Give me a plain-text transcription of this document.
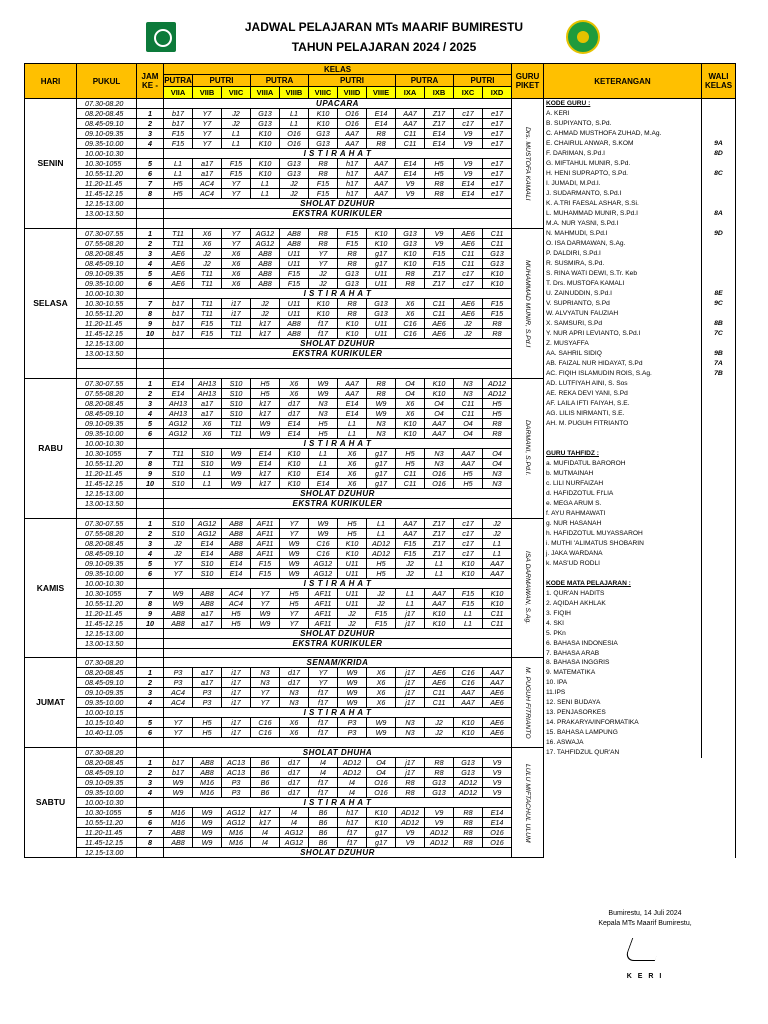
JADWAL PELAJARAN MTs MAARIF BUMIRESTU
TAHUN PELAJARAN 2024 / 2025
HARI	PUKUL	JAM KE -	KELAS												GURU PIKET	KETERANGAN	WALI KELAS
			PUTRA	PUTRI		PUTRA		PUTRI			PUTRA		PUTRI				
			VIIA	VIIB	VIIC	VIIIA	VIIIB	VIIIC	VIIID	VIIIE	IXA	IXB	IXC	IXD			
SENIN	07.30-08.20		UPACARA												Drs. MUSTOFA KAMALI	KODE GURU :	
	08.20-08.45	1	b17	Y7	J2	G13	L1	K10	O16	E14	AA7	Z17	c17	e17		A. KERI	
	08.45-09.10	2	b17	Y7	J2	G13	L1	K10	O16	E14	AA7	Z17	c17	e17		B. SUPIYANTO, S.Pd.	
	09.10-09.35	3	F15	Y7	L1	K10	O16	G13	AA7	R8	C11	E14	V9	e17		C. AHMAD MUSTHOFA ZUHAD, M.Ag.	
	09.35-10.00	4	F15	Y7	L1	K10	O16	G13	AA7	R8	C11	E14	V9	e17		E. CHAIRUL ANWAR, S.KOM	9A
	10.00-10.30		I S T I R A H A T													F. DARIMAN, S.Pd.I	8D
	10.30-1055	5	L1	a17	F15	K10	G13	R8	h17	AA7	E14	H5	V9	e17		G. MIFTAHUL MUNIR, S.Pd.	
	10.55-11.20	6	L1	a17	F15	K10	G13	R8	h17	AA7	E14	H5	V9	e17		H. HENI SUPRAPTO, S.Pd.	8C
	11.20-11.45	7	H5	AC4	Y7	L1	J2	F15	h17	AA7	V9	R8	E14	e17		I. JUMADI, M.Pd.I.	
	11.45-12.15	8	H5	AC4	Y7	L1	J2	F15	h17	AA7	V9	R8	E14	e17		J. SUDARMANTO, S.Pd.I	
	12.15-13.00		SHOLAT DZUHUR													K. A.TRI FAESAL ASHAR, S.Si.	
	13.00-13.50		EKSTRA KURIKULER													L. MUHAMMAD MUNIR, S.Pd.I	8A
																M.A. NUR YASNI, S.Pd.I	
SELASA	07.30-07.55	1	T11	X6	Y7	AG12	AB8	R8	F15	K10	G13	V9	AE6	C11	MUHAMMAD MUNIR, S.Pd.I	N. MAHMUDI, S.Pd.I	9D
	07.55-08.20	2	T11	X6	Y7	AG12	AB8	R8	F15	K10	G13	V9	AE6	C11		O. ISA DARMAWAN, S.Ag.	
	08.20-08.45	3	AE6	J2	X6	AB8	U11	Y7	R8	g17	K10	F15	C11	G13		P. DALDIRI, S.Pd.I	
	08.45-09.10	4	AE6	J2	X6	AB8	U11	Y7	R8	g17	K10	F15	C11	G13		R. SUSMIRA, S.Pd.	
	09.10-09.35	5	AE6	T11	X6	AB8	F15	J2	G13	U11	R8	Z17	c17	K10		S. RINA WATI DEWI, S.Tr. Keb	
	09.35-10.00	6	AE6	T11	X6	AB8	F15	J2	G13	U11	R8	Z17	c17	K10		T. Drs. MUSTOFA KAMALI	
	10.00-10.30		I S T I R A H A T													U. ZAINUDDIN, S.Pd.I	8E
	10.30-10.55	7	b17	T11	i17	J2	U11	K10	R8	G13	X6	C11	AE6	F15		V. SUPRIANTO, S.Pd	9C
	10.55-11.20	8	b17	T11	i17	J2	U11	K10	R8	G13	X6	C11	AE6	F15		W. ALVYATUN FAUZIAH	
	11.20-11.45	9	b17	F15	T11	k17	AB8	f17	K10	U11	C16	AE6	J2	R8		X. SAMSURI, S.Pd	8B
	11.45-12.15	10	b17	F15	T11	k17	AB8	f17	K10	U11	C16	AE6	J2	R8		Y. NUR APRI LEVIANTO, S.Pd.I	7C
	12.15-13.00		SHOLAT DZUHUR													Z. MUSYAFFA	
	13.00-13.50		EKSTRA KURIKULER													AA. SAHRIL SIDIQ	9B
																AB. FAIZAL NUR HIDAYAT, S.Pd	7A
																AC. FIQIH ISLAMUDIN ROIS, S.Ag.	7B
RABU	07.30-07.55	1	E14	AH13	S10	H5	X6	W9	AA7	R8	O4	K10	N3	AD12	DARMANI, S.Pd.I.	AD. LUTFIYAH AINI, S. Sos	
	07.55-08.20	2	E14	AH13	S10	H5	X6	W9	AA7	R8	O4	K10	N3	AD12		AE. REKA DEVI YANI, S.Pd	
	08.20-08.45	3	AH13	a17	S10	k17	d17	N3	E14	W9	X6	O4	C11	H5		AF. LAILA IFTI FAIYAH, S.E.	
	08.45-09.10	4	AH13	a17	S10	k17	d17	N3	E14	W9	X6	O4	C11	H5		AG. LILIS NIRMANTI, S.E.	
	09.10-09.35	5	AG12	X6	T11	W9	E14	H5	L1	N3	K10	AA7	O4	R8		AH. M. PUGUH FITRIANTO	
	09.35-10.00	6	AG12	X6	T11	W9	E14	H5	L1	N3	K10	AA7	O4	R8			
	10.00-10.30		I S T I R A H A T														
	10.30-1055	7	T11	S10	W9	E14	K10	L1	X6	g17	H5	N3	AA7	O4		GURU TAHFIDZ :	
	10.55-11.20	8	T11	S10	W9	E14	K10	L1	X6	g17	H5	N3	AA7	O4		a. MUFIDATUL BAROROH	
	11.20-11.45	9	S10	L1	W9	k17	K10	E14	X6	g17	C11	O16	H5	N3		b. MUTMAINAH	
	11.45-12.15	10	S10	L1	W9	k17	K10	E14	X6	g17	C11	O16	H5	N3		c. LILI NURFAIZAH	
	12.15-13.00		SHOLAT DZUHUR													d. HAFIDZOTUL FI'LIA	
	13.00-13.50		EKSTRA KURIKULER													e. MEGA ARUM S.	
																f. AYU RAHMAWATI	
KAMIS	07.30-07.55	1	S10	AG12	AB8	AF11	Y7	W9	H5	L1	AA7	Z17	c17	J2	ISA DARMAWAN, S.Ag.	g. NUR HASANAH	
	07.55-08.20	2	S10	AG12	AB8	AF11	Y7	W9	H5	L1	AA7	Z17	c17	J2		h. HAFIDZOTUL MUYASSAROH	
	08.20-08.45	3	J2	E14	AB8	AF11	W9	C16	K10	AD12	F15	Z17	c17	L1		i. MUTHI 'ALIMATUS SHOBARIN	
	08.45-09.10	4	J2	E14	AB8	AF11	W9	C16	K10	AD12	F15	Z17	c17	L1		j. JAKA WARDANA	
	09.10-09.35	5	Y7	S10	E14	F15	W9	AG12	U11	H5	J2	L1	K10	AA7		k. MAS'UD RODLI	
	09.35-10.00	6	Y7	S10	E14	F15	W9	AG12	U11	H5	J2	L1	K10	AA7			
	10.00-10.30		I S T I R A H A T													KODE MATA PELAJARAN :	
	10.30-1055	7	W9	AB8	AC4	Y7	H5	AF11	U11	J2	L1	AA7	F15	K10		1. QUR'AN HADITS	
	10.55-11.20	8	W9	AB8	AC4	Y7	H5	AF11	U11	J2	L1	AA7	F15	K10		2. AQIDAH AKHLAK	
	11.20-11.45	9	AB8	a17	H5	W9	Y7	AF11	J2	F15	j17	K10	L1	C11		3. FIQIH	
	11.45-12.15	10	AB8	a17	H5	W9	Y7	AF11	J2	F15	j17	K10	L1	C11		4. SKI	
	12.15-13.00		SHOLAT DZUHUR													5. PKn	
	13.00-13.50		EKSTRA KURIKULER													6. BAHASA INDONESIA	
																7. BAHASA ARAB	
JUMAT	07.30-08.20		SENAM/KRIDA												M. PUGUH FITRIANTO	8. BAHASA INGGRIS	
	08.20-08.45	1	P3	a17	i17	N3	d17	Y7	W9	X6	j17	AE6	C16	AA7		9. MATEMATIKA	
	08.45-09.10	2	P3	a17	i17	N3	d17	Y7	W9	X6	j17	AE6	C16	AA7		10. IPA	
	09.10-09.35	3	AC4	P3	i17	Y7	N3	f17	W9	X6	j17	C11	AA7	AE6		11.IPS	
	09.35-10.00	4	AC4	P3	i17	Y7	N3	f17	W9	X6	j17	C11	AA7	AE6		12. SENI BUDAYA	
	10.00-10.15		I S T I R A H A T													13. PENJASORKES	
	10.15-10.40	5	Y7	H5	i17	C16	X6	f17	P3	W9	N3	J2	K10	AE6		14. PRAKARYA/INFORMATIKA	
	10.40-11.05	6	Y7	H5	i17	C16	X6	f17	P3	W9	N3	J2	K10	AE6		15. BAHASA LAMPUNG	
																16. ASWAJA	
SABTU	07.30-08.20		SHOLAT DHUHA												LULU MIFTACHUL ULUM	17. TAHFIDZUL QUR'AN	
	08.20-08.45	1	b17	AB8	AC13	B6	d17	I4	AD12	O4	j17	R8	G13	V9			
	08.45-09.10	2	b17	AB8	AC13	B6	d17	I4	AD12	O4	j17	R8	G13	V9			
	09.10-09.35	3	W9	M16	P3	B6	d17	f17	I4	O16	R8	G13	AD12	V9			
	09.35-10.00	4	W9	M16	P3	B6	d17	f17	I4	O16	R8	G13	AD12	V9			
	10.00-10.30		I S T I R A H A T														
	10.30-1055	5	M16	W9	AG12	k17	I4	B6	h17	K10	AD12	V9	R8	E14			
	10.55-11.20	6	M16	W9	AG12	k17	I4	B6	h17	K10	AD12	V9	R8	E14			
	11.20-11.45	7	AB8	W9	M16	I4	AG12	B6	f17	g17	V9	AD12	R8	O16			
	11.45-12.15	8	AB8	W9	M16	I4	AG12	B6	f17	g17	V9	AD12	R8	O16			
	12.15-13.00		SHOLAT DZUHUR														
Bumirestu, 14 Juli 2024
Kepala MTs Maarif Bumirestu,
K E R I
